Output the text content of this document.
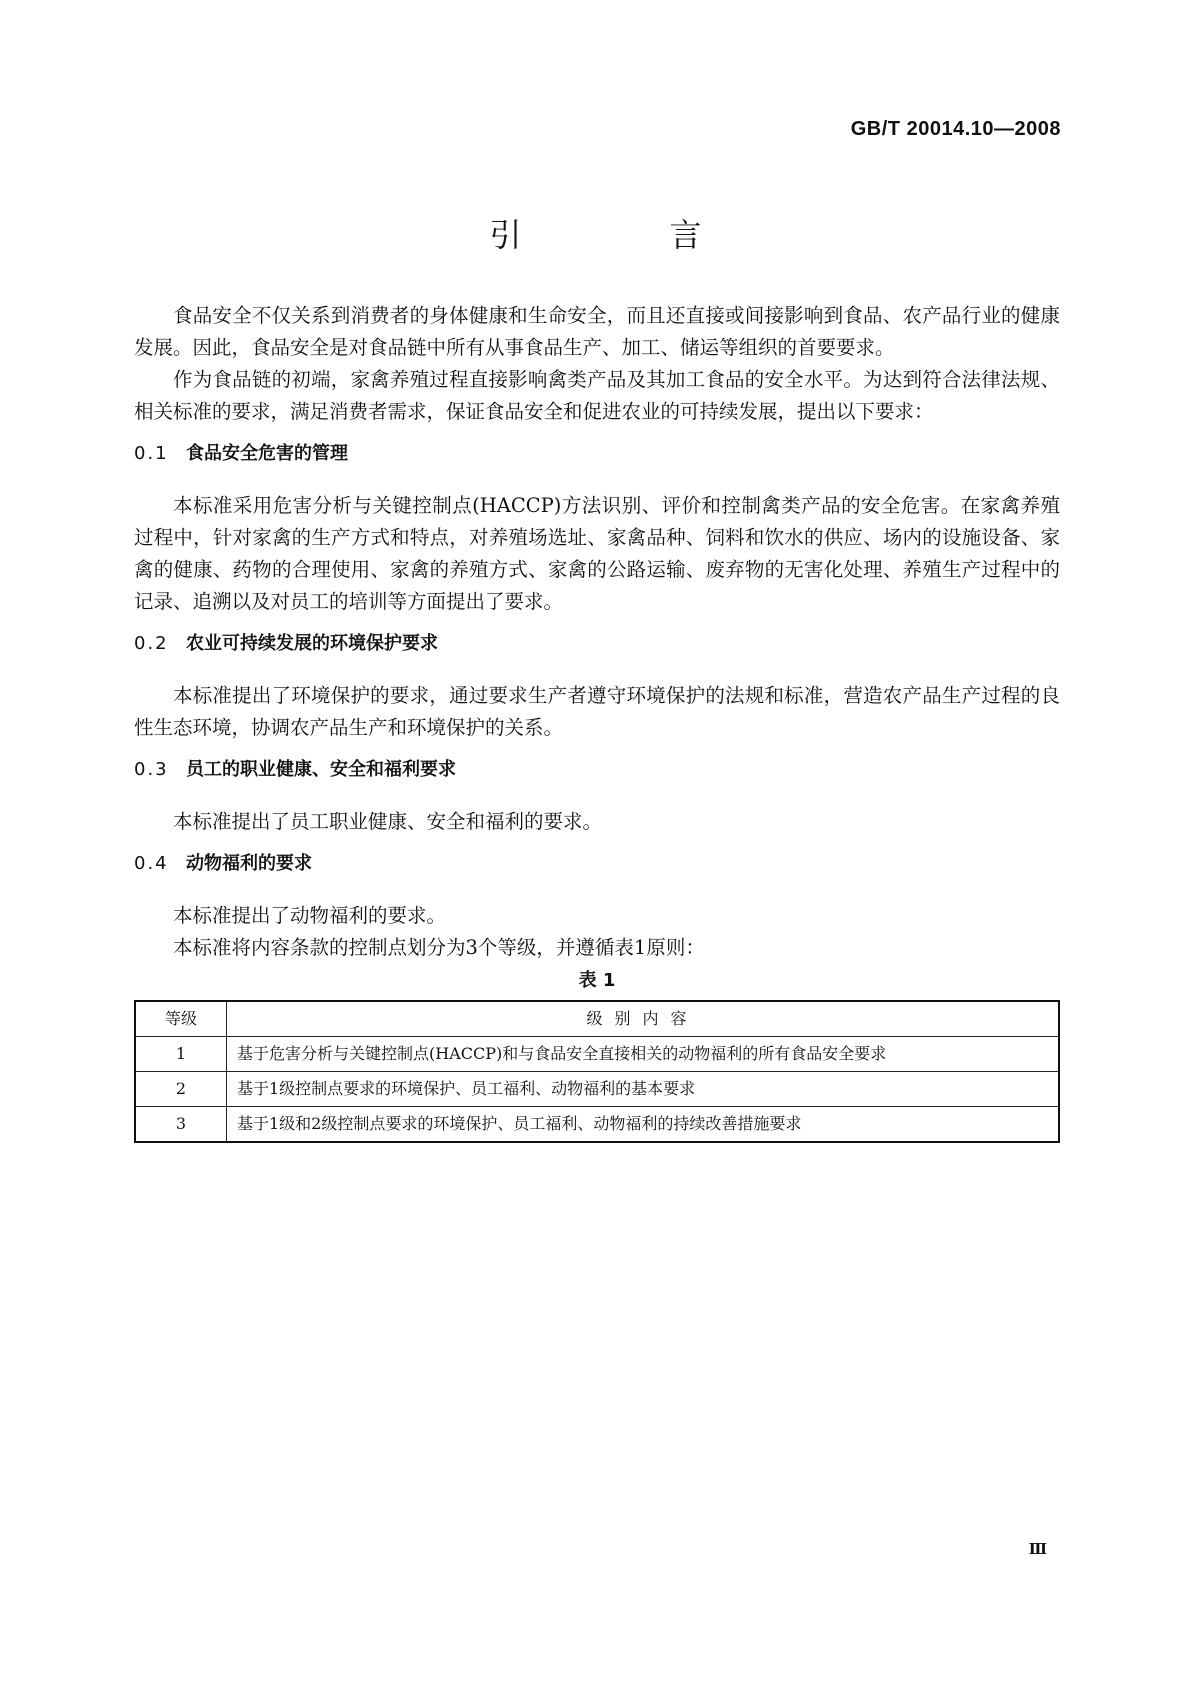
GB/T 20014.10—2008
引　言

食品安全不仅关系到消费者的身体健康和生命安全，而且还直接或间接影响到食品、农产品行业的健康发展。因此，食品安全是对食品链中所有从事食品生产、加工、储运等组织的首要要求。

作为食品链的初端，家禽养殖过程直接影响禽类产品及其加工食品的安全水平。为达到符合法律法规、相关标准的要求，满足消费者需求，保证食品安全和促进农业的可持续发展，提出以下要求：

0.1 食品安全危害的管理

本标准采用危害分析与关键控制点(HACCP)方法识别、评价和控制禽类产品的安全危害。在家禽养殖过程中，针对家禽的生产方式和特点，对养殖场选址、家禽品种、饲料和饮水的供应、场内的设施设备、家禽的健康、药物的合理使用、家禽的养殖方式、家禽的公路运输、废弃物的无害化处理、养殖生产过程中的记录、追溯以及对员工的培训等方面提出了要求。

0.2 农业可持续发展的环境保护要求

本标准提出了环境保护的要求，通过要求生产者遵守环境保护的法规和标准，营造农产品生产过程的良性生态环境，协调农产品生产和环境保护的关系。

0.3 员工的职业健康、安全和福利要求

本标准提出了员工职业健康、安全和福利的要求。

0.4 动物福利的要求

本标准提出了动物福利的要求。

本标准将内容条款的控制点划分为3个等级，并遵循表1原则：

表 1
等级	级别内容
1	基于危害分析与关键控制点(HACCP)和与食品安全直接相关的动物福利的所有食品安全要求
2	基于1级控制点要求的环境保护、员工福利、动物福利的基本要求
3	基于1级和2级控制点要求的环境保护、员工福利、动物福利的持续改善措施要求
Ⅲ
